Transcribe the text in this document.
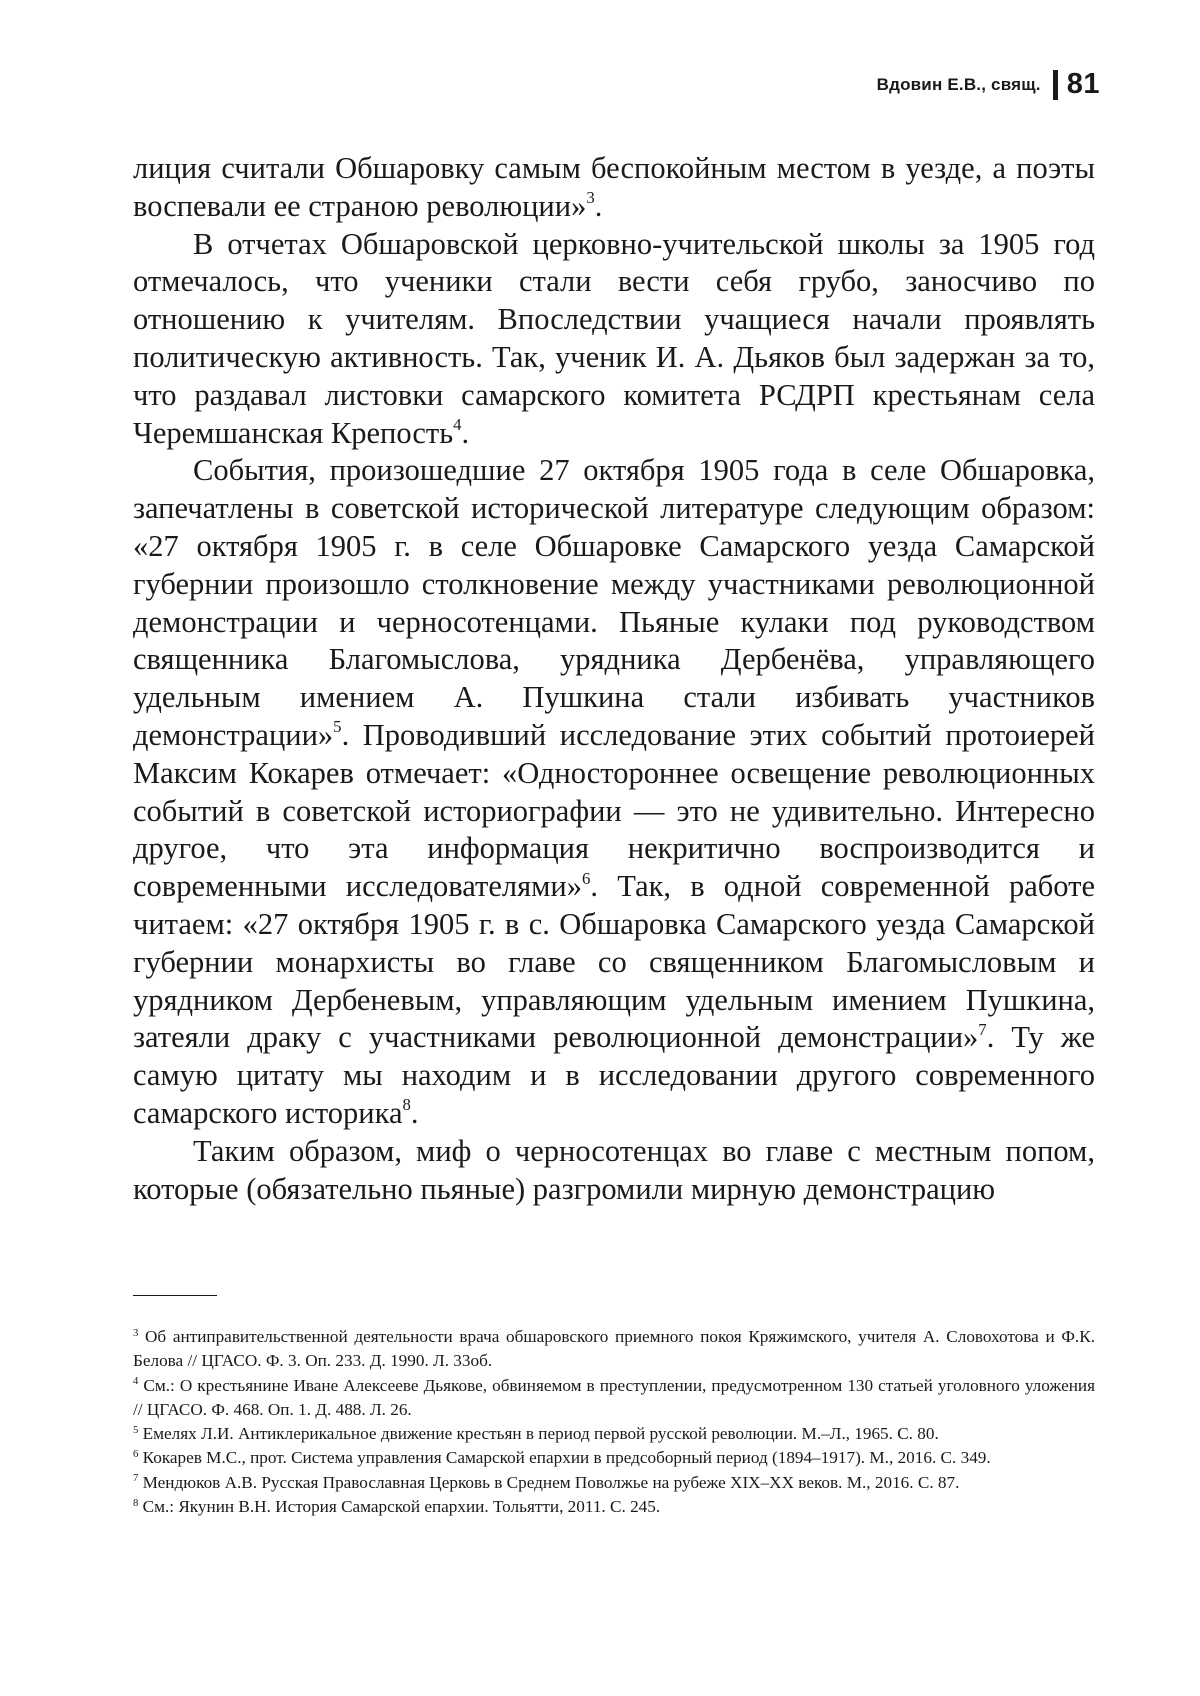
Вдовин Е.В., свящ. 81

лиция считали Обшаровку самым беспокойным местом в уезде, а поэты воспевали ее страною революции»$^3$.

В отчетах Обшаровской церковно-учительской школы за 1905 год отмечалось, что ученики стали вести себя грубо, заносчиво по отношению к учителям. Впоследствии учащиеся начали проявлять политическую активность. Так, ученик И. А. Дьяков был задержан за то, что раздавал листовки самарского комитета РСДРП крестьянам села Черемшанская Крепость$^4$.

События, произошедшие 27 октября 1905 года в селе Обшаровка, запечатлены в советской исторической литературе следующим образом: «27 октября 1905 г. в селе Обшаровке Самарского уезда Самарской губернии произошло столкновение между участниками революционной демонстрации и черносотенцами. Пьяные кулаки под руководством священника Благомыслова, урядника Дербенёва, управляющего удельным имением А. Пушкина стали избивать участников демонстрации»$^5$. Проводивший исследование этих событий протоиерей Максим Кокарев отмечает: «Одностороннее освещение революционных событий в советской историографии — это не удивительно. Интересно другое, что эта информация некритично воспроизводится и современными исследователями»$^6$. Так, в одной современной работе читаем: «27 октября 1905 г. в с. Обшаровка Самарского уезда Самарской губернии монархисты во главе со священником Благомысловым и урядником Дербеневым, управляющим удельным имением Пушкина, затеяли драку с участниками революционной демонстрации»$^7$. Ту же самую цитату мы находим и в исследовании другого современного самарского историка$^8$.

Таким образом, миф о черносотенцах во главе с местным попом, которые (обязательно пьяные) разгромили мирную демонстрацию

$^3$ Об антиправительственной деятельности врача обшаровского приемного покоя Кряжимского, учителя А. Словохотова и Ф.К. Белова // ЦГАСО. Ф. 3. Оп. 233. Д. 1990. Л. 33об.

$^4$ См.: О крестьянине Иване Алексееве Дьякове, обвиняемом в преступлении, предусмотренном 130 статьей уголовного уложения // ЦГАСО. Ф. 468. Оп. 1. Д. 488. Л. 26.

$^5$ Емелях Л.И. Антиклерикальное движение крестьян в период первой русской революции. М.–Л., 1965. С. 80.

$^6$ Кокарев М.С., прот. Система управления Самарской епархии в предсоборный период (1894–1917). М., 2016. С. 349.

$^7$ Мендюков А.В. Русская Православная Церковь в Среднем Поволжье на рубеже XIX–XX веков. М., 2016. С. 87.

$^8$ См.: Якунин В.Н. История Самарской епархии. Тольятти, 2011. С. 245.
